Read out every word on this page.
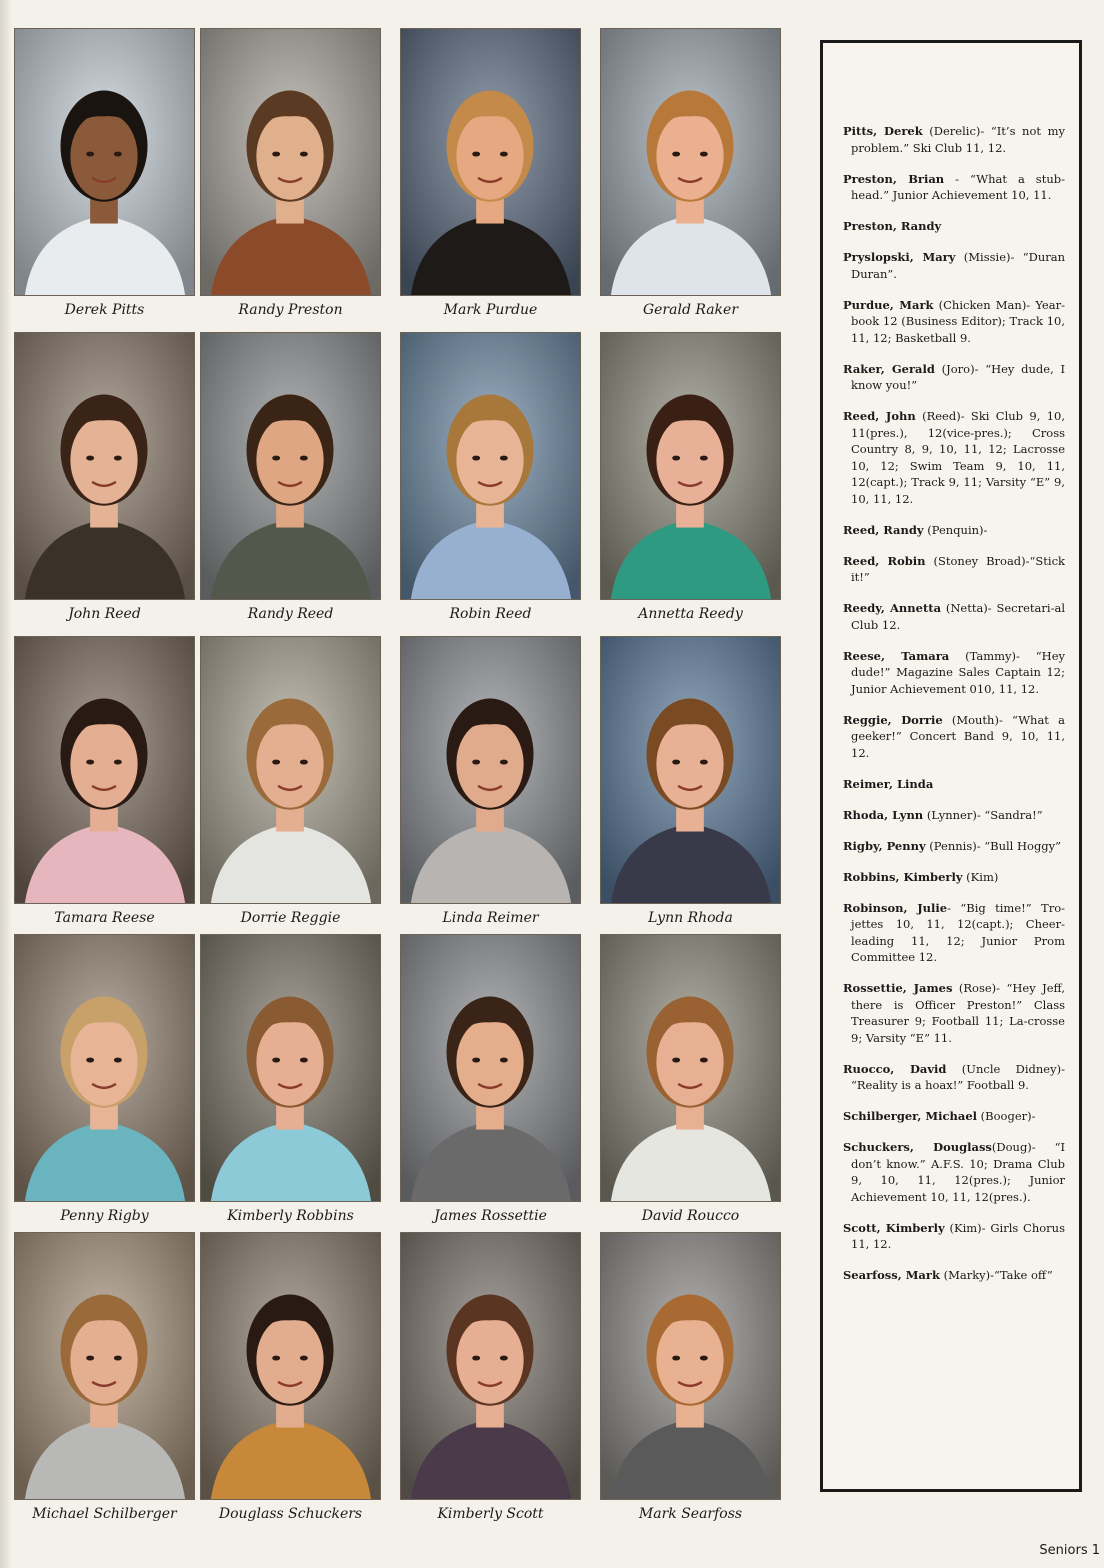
Derek Pitts	Randy Preston	Mark Purdue	Gerald Raker
John Reed	Randy Reed	Robin Reed	Annetta Reedy
Tamara Reese	Dorrie Reggie	Linda Reimer	Lynn Rhoda
Penny Rigby	Kimberly Robbins	James Rossettie	David Roucco
Michael Schilberger	Douglass Schuckers	Kimberly Scott	Mark Searfoss
Pitts, Derek (Derelic)- “It’s not my problem.” Ski Club 11, 12.
Preston, Brian - “What a stub-head.” Junior Achievement 10, 11.
Preston, Randy
Pryslopski, Mary (Missie)- “Duran Duran”.
Purdue, Mark (Chicken Man)- Year-book 12 (Business Editor); Track 10, 11, 12; Basketball 9.
Raker, Gerald (Joro)- “Hey dude, I know you!”
Reed, John (Reed)- Ski Club 9, 10, 11(pres.), 12(vice-pres.); Cross Country 8, 9, 10, 11, 12; Lacrosse 10, 12; Swim Team 9, 10, 11, 12(capt.); Track 9, 11; Varsity “E” 9, 10, 11, 12.
Reed, Randy (Penquin)-
Reed, Robin (Stoney Broad)-“Stick it!”
Reedy, Annetta (Netta)- Secretari-al Club 12.
Reese, Tamara (Tammy)- “Hey dude!” Magazine Sales Captain 12; Junior Achievement 010, 11, 12.
Reggie, Dorrie (Mouth)- “What a geeker!” Concert Band 9, 10, 11, 12.
Reimer, Linda
Rhoda, Lynn (Lynner)- “Sandra!”
Rigby, Penny (Pennis)- “Bull Hoggy”
Robbins, Kimberly (Kim)
Robinson, Julie- “Big time!” Tro-jettes 10, 11, 12(capt.); Cheer-leading 11, 12; Junior Prom Committee 12.
Rossettie, James (Rose)- “Hey Jeff, there is Officer Preston!” Class Treasurer 9; Football 11; La-crosse 9; Varsity “E” 11.
Ruocco, David (Uncle Didney)- “Reality is a hoax!” Football 9.
Schilberger, Michael (Booger)-
Schuckers, Douglass(Doug)- “I don’t know.” A.F.S. 10; Drama Club 9, 10, 11, 12(pres.); Junior Achievement 10, 11, 12(pres.).
Scott, Kimberly (Kim)- Girls Chorus 11, 12.
Searfoss, Mark (Marky)-“Take off”
Seniors 1
